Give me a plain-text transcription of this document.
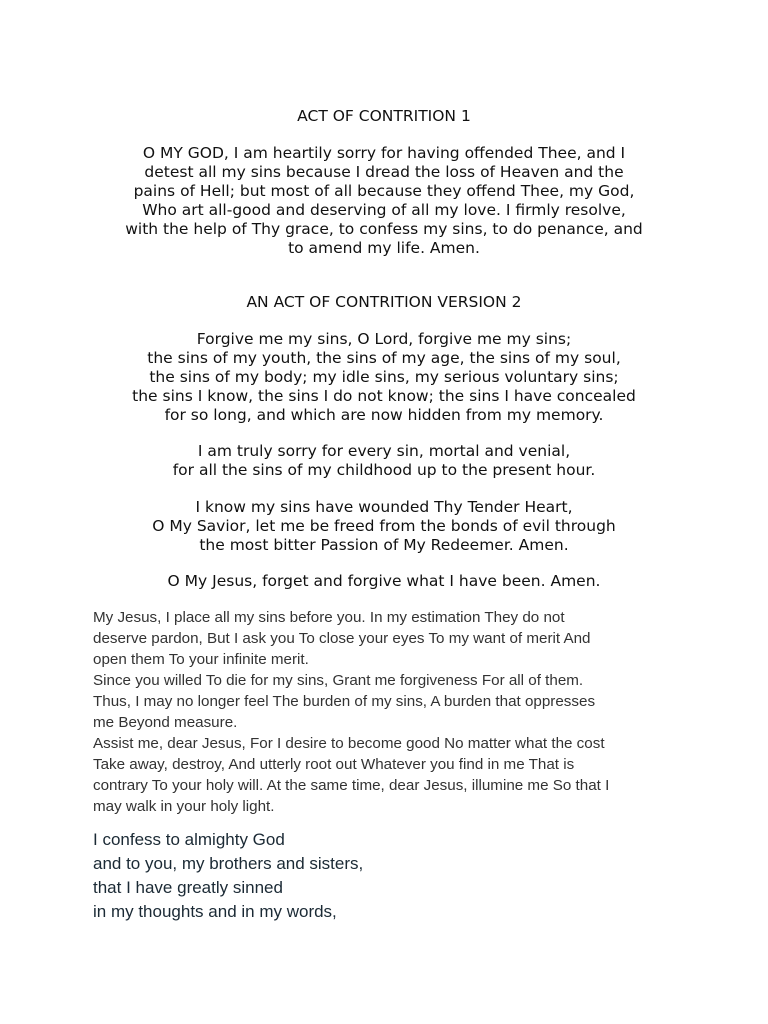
ACT OF CONTRITION 1

O MY GOD, I am heartily sorry for having offended Thee, and I
detest all my sins because I dread the loss of Heaven and the
pains of Hell; but most of all because they offend Thee, my God,
Who art all-good and deserving of all my love. I firmly resolve,
with the help of Thy grace, to confess my sins, to do penance, and
to amend my life. Amen.

AN ACT OF CONTRITION VERSION 2

Forgive me my sins, O Lord, forgive me my sins;
the sins of my youth, the sins of my age, the sins of my soul,
the sins of my body; my idle sins, my serious voluntary sins;
the sins I know, the sins I do not know; the sins I have concealed
for so long, and which are now hidden from my memory.
I am truly sorry for every sin, mortal and venial,
for all the sins of my childhood up to the present hour.
I know my sins have wounded Thy Tender Heart,
O My Savior, let me be freed from the bonds of evil through
the most bitter Passion of My Redeemer. Amen.
O My Jesus, forget and forgive what I have been. Amen.
My Jesus, I place all my sins before you. In my estimation They do not
deserve pardon, But I ask you To close your eyes To my want of merit And
open them To your infinite merit.
Since you willed To die for my sins, Grant me forgiveness For all of them.
Thus, I may no longer feel The burden of my sins, A burden that oppresses
me Beyond measure.
Assist me, dear Jesus, For I desire to become good No matter what the cost
Take away, destroy, And utterly root out Whatever you find in me That is
contrary To your holy will. At the same time, dear Jesus, illumine me So that I
may walk in your holy light.
I confess to almighty God
and to you, my brothers and sisters,
that I have greatly sinned
in my thoughts and in my words,
